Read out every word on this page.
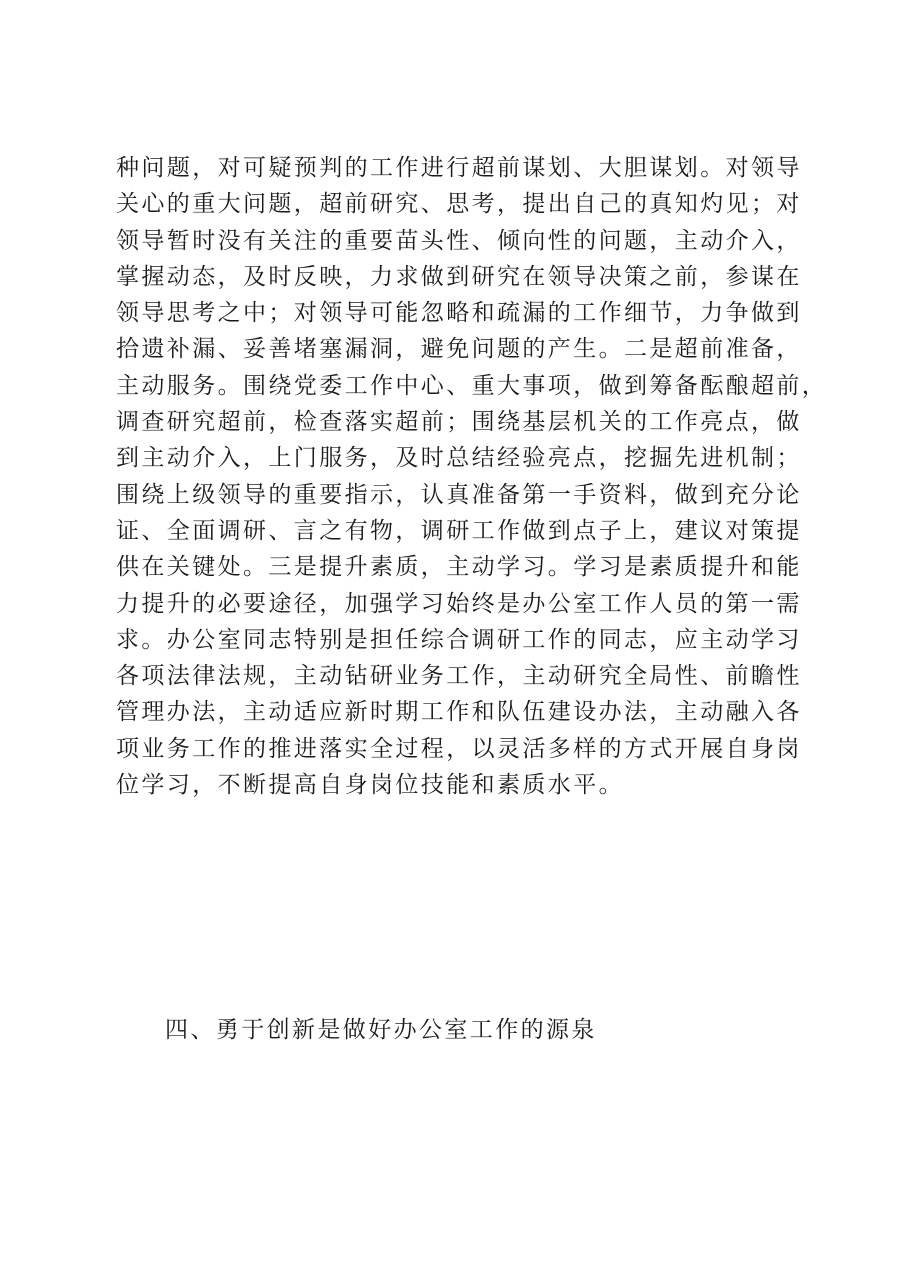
种问题，对可疑预判的工作进行超前谋划、大胆谋划。对领导
关心的重大问题，超前研究、思考，提出自己的真知灼见；对
领导暂时没有关注的重要苗头性、倾向性的问题，主动介入，
掌握动态，及时反映，力求做到研究在领导决策之前，参谋在
领导思考之中；对领导可能忽略和疏漏的工作细节，力争做到
拾遗补漏、妥善堵塞漏洞，避免问题的产生。二是超前准备，
主动服务。围绕党委工作中心、重大事项，做到筹备酝酿超前，
调查研究超前，检查落实超前；围绕基层机关的工作亮点，做
到主动介入，上门服务，及时总结经验亮点，挖掘先进机制；
围绕上级领导的重要指示，认真准备第一手资料，做到充分论
证、全面调研、言之有物，调研工作做到点子上，建议对策提
供在关键处。三是提升素质，主动学习。学习是素质提升和能
力提升的必要途径，加强学习始终是办公室工作人员的第一需
求。办公室同志特别是担任综合调研工作的同志，应主动学习
各项法律法规，主动钻研业务工作，主动研究全局性、前瞻性
管理办法，主动适应新时期工作和队伍建设办法，主动融入各
项业务工作的推进落实全过程，以灵活多样的方式开展自身岗
位学习，不断提高自身岗位技能和素质水平。
四、勇于创新是做好办公室工作的源泉
